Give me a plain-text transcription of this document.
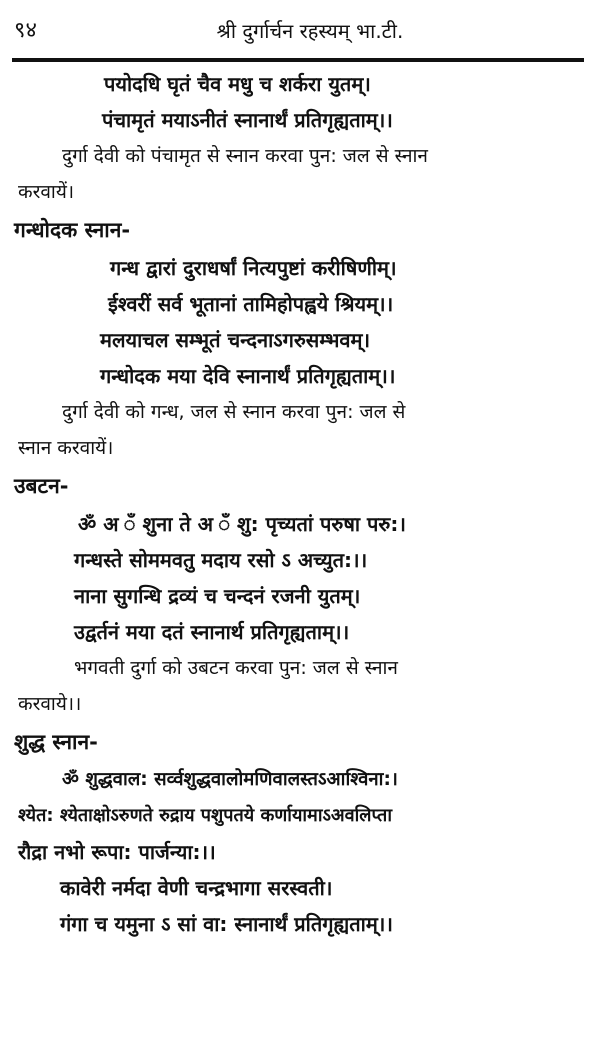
९४	श्री दुर्गार्चन रहस्यम् भा.टी.
पयोदधि घृतं चैव मधु च शर्करा युतम्।
पंचामृतं मयाऽनीतं स्नानार्थं प्रतिगृह्यताम्।।
दुर्गा देवी को पंचामृत से स्नान करवा पुन: जल से स्नान
करवायें।
गन्धोदक स्नान-
गन्ध द्वारां दुराधर्षां नित्यपुष्टां करीषिणीम्।
ईश्वरीं सर्व भूतानां तामिहोपह्वये श्रियम्।।
मलयाचल सम्भूतं चन्दनाऽगरुसम्भवम्।
गन्धोदक मया देवि स्नानार्थं प्रतिगृह्यताम्।।
दुर्गा देवी को गन्ध, जल से स्नान करवा पुन: जल से
स्नान करवायें।
उबटन-
ॐ अ ँ शुना ते अ ँ शु: पृच्यतां परुषा परु:।
गन्धस्ते सोममवतु मदाय रसो ऽ अच्युत:।।
नाना सुगन्धि द्रव्यं च चन्दनं रजनी युतम्।
उद्वर्तनं मया दतं स्नानार्थ प्रतिगृह्यताम्।।
भगवती दुर्गा को उबटन करवा पुन: जल से स्नान
करवाये।।
शुद्ध स्नान-
ॐ शुद्धवाल: सर्व्वशुद्धवालोमणिवालस्तऽआश्विना:।
श्येत: श्येताक्षोऽरुणते रुद्राय पशुपतये कर्णायामाऽअवलिप्ता
रौद्रा नभो रूपा: पार्जन्या:।।
कावेरी नर्मदा वेणी चन्द्रभागा सरस्वती।
गंगा च यमुना ऽ सां वा: स्नानार्थं प्रतिगृह्यताम्।।
